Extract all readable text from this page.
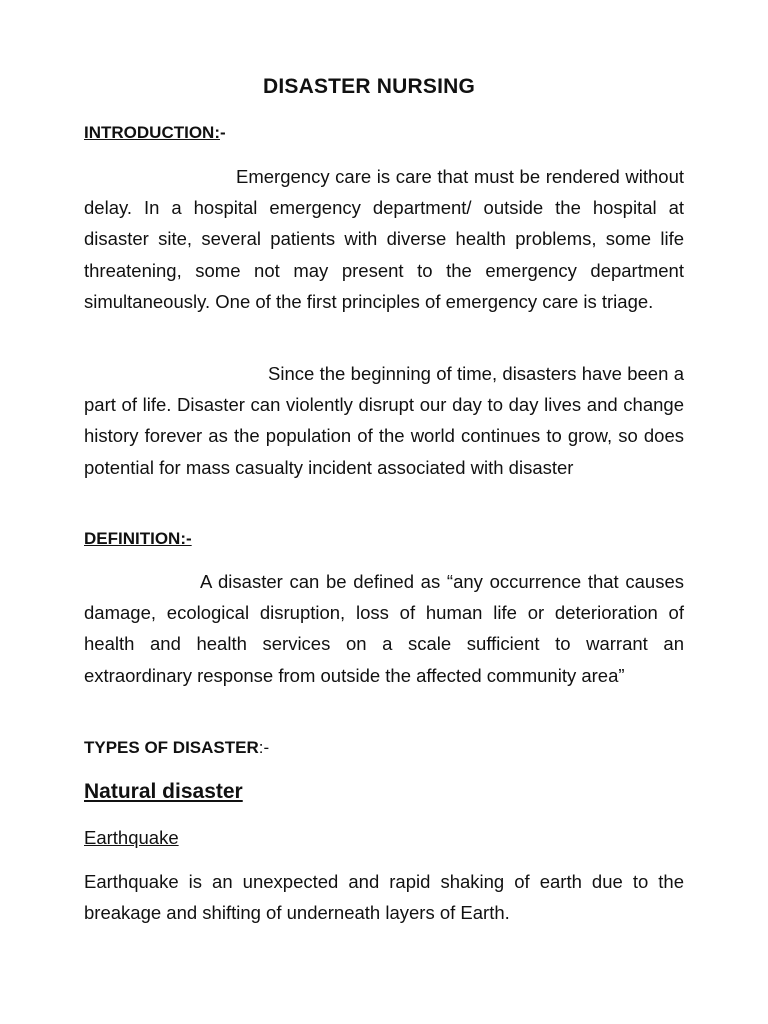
DISASTER NURSING
INTRODUCTION:-
Emergency care is care that must be rendered without delay. In a hospital emergency department/ outside the hospital at disaster site, several patients with diverse health problems, some life threatening, some not may present to the emergency department simultaneously. One of the first principles of emergency care is triage.
Since the beginning of time, disasters have been a part of life. Disaster can violently disrupt our day to day lives and change history forever as the population of the world continues to grow, so does potential for mass casualty incident associated with disaster
DEFINITION:-
A disaster can be defined as “any occurrence that causes damage, ecological disruption, loss of human life or deterioration of health and health services on a scale sufficient to warrant an extraordinary response from outside the affected community area”
TYPES OF DISASTER:-
Natural disaster
Earthquake
Earthquake is an unexpected and rapid shaking of earth due to the breakage and shifting of underneath layers of Earth.
